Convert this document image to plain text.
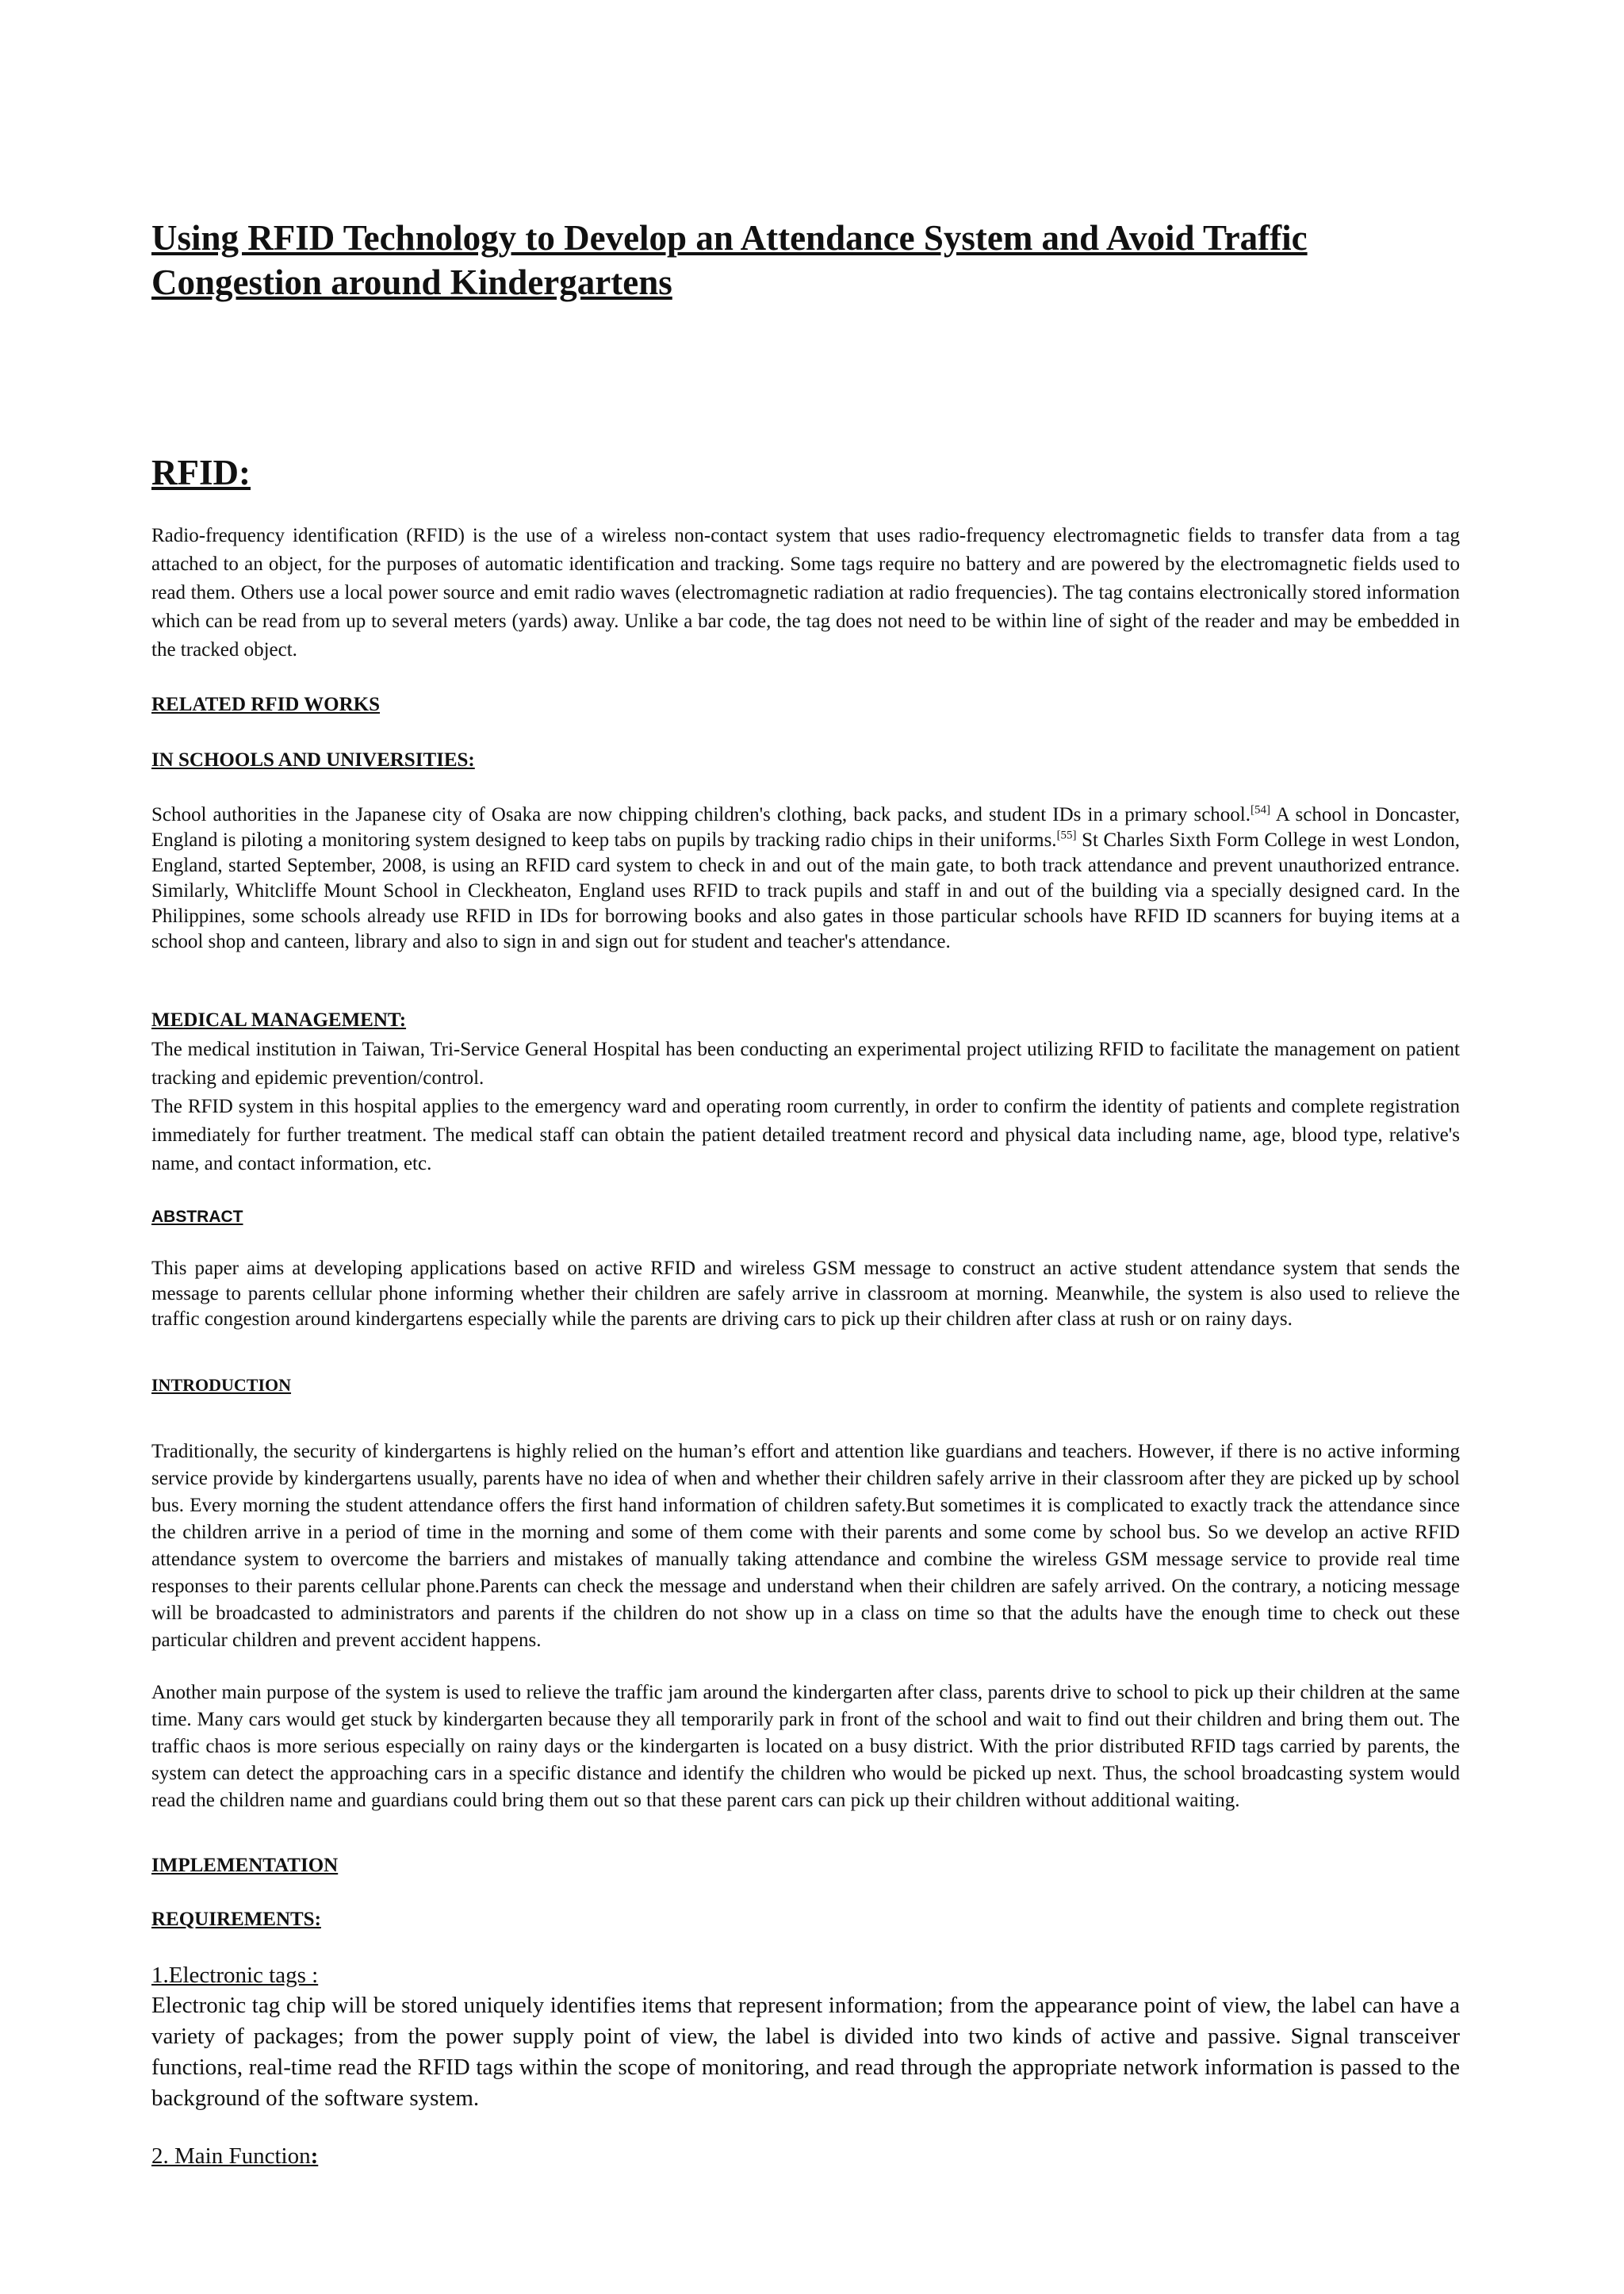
Using RFID Technology to Develop an Attendance System and Avoid Traffic Congestion around Kindergartens
RFID:

Radio-frequency identification (RFID) is the use of a wireless non-contact system that uses radio-frequency electromagnetic fields to transfer data from a tag attached to an object, for the purposes of automatic identification and tracking. Some tags require no battery and are powered by the electromagnetic fields used to read them. Others use a local power source and emit radio waves (electromagnetic radiation at radio frequencies). The tag contains electronically stored information which can be read from up to several meters (yards) away. Unlike a bar code, the tag does not need to be within line of sight of the reader and may be embedded in the tracked object.

RELATED RFID WORKS
IN SCHOOLS AND UNIVERSITIES:

School authorities in the Japanese city of Osaka are now chipping children's clothing, back packs, and student IDs in a primary school.[54] A school in Doncaster, England is piloting a monitoring system designed to keep tabs on pupils by tracking radio chips in their uniforms.[55] St Charles Sixth Form College in west London, England, started September, 2008, is using an RFID card system to check in and out of the main gate, to both track attendance and prevent unauthorized entrance. Similarly, Whitcliffe Mount School in Cleckheaton, England uses RFID to track pupils and staff in and out of the building via a specially designed card. In the Philippines, some schools already use RFID in IDs for borrowing books and also gates in those particular schools have RFID ID scanners for buying items at a school shop and canteen, library and also to sign in and sign out for student and teacher's attendance.

MEDICAL MANAGEMENT:

The medical institution in Taiwan, Tri-Service General Hospital has been conducting an experimental project utilizing RFID to facilitate the management on patient tracking and epidemic prevention/control.

The RFID system in this hospital applies to the emergency ward and operating room currently, in order to confirm the identity of patients and complete registration immediately for further treatment. The medical staff can obtain the patient detailed treatment record and physical data including name, age, blood type, relative's name, and contact information, etc.

ABSTRACT

This paper aims at developing applications based on active RFID and wireless GSM message to construct an active student attendance system that sends the message to parents cellular phone informing whether their children are safely arrive in classroom at morning. Meanwhile, the system is also used to relieve the traffic congestion around kindergartens especially while the parents are driving cars to pick up their children after class at rush or on rainy days.

INTRODUCTION

Traditionally, the security of kindergartens is highly relied on the human’s effort and attention like guardians and teachers. However, if there is no active informing service provide by kindergartens usually, parents have no idea of when and whether their children safely arrive in their classroom after they are picked up by school bus. Every morning the student attendance offers the first hand information of children safety.But sometimes it is complicated to exactly track the attendance since the children arrive in a period of time in the morning and some of them come with their parents and some come by school bus. So we develop an active RFID attendance system to overcome the barriers and mistakes of manually taking attendance and combine the wireless GSM message service to provide real time responses to their parents cellular phone.Parents can check the message and understand when their children are safely arrived. On the contrary, a noticing message will be broadcasted to administrators and parents if the children do not show up in a class on time so that the adults have the enough time to check out these particular children and prevent accident happens.

Another main purpose of the system is used to relieve the traffic jam around the kindergarten after class, parents drive to school to pick up their children at the same time. Many cars would get stuck by kindergarten because they all temporarily park in front of the school and wait to find out their children and bring them out. The traffic chaos is more serious especially on rainy days or the kindergarten is located on a busy district. With the prior distributed RFID tags carried by parents, the system can detect the approaching cars in a specific distance and identify the children who would be picked up next. Thus, the school broadcasting system would read the children name and guardians could bring them out so that these parent cars can pick up their children without additional waiting.

IMPLEMENTATION
REQUIREMENTS:
1.Electronic tags :

Electronic tag chip will be stored uniquely identifies items that represent information; from the appearance point of view, the label can have a variety of packages; from the power supply point of view, the label is divided into two kinds of active and passive. Signal transceiver functions, real-time read the RFID tags within the scope of monitoring, and read through the appropriate network information is passed to the background of the software system.

2. Main Function:
